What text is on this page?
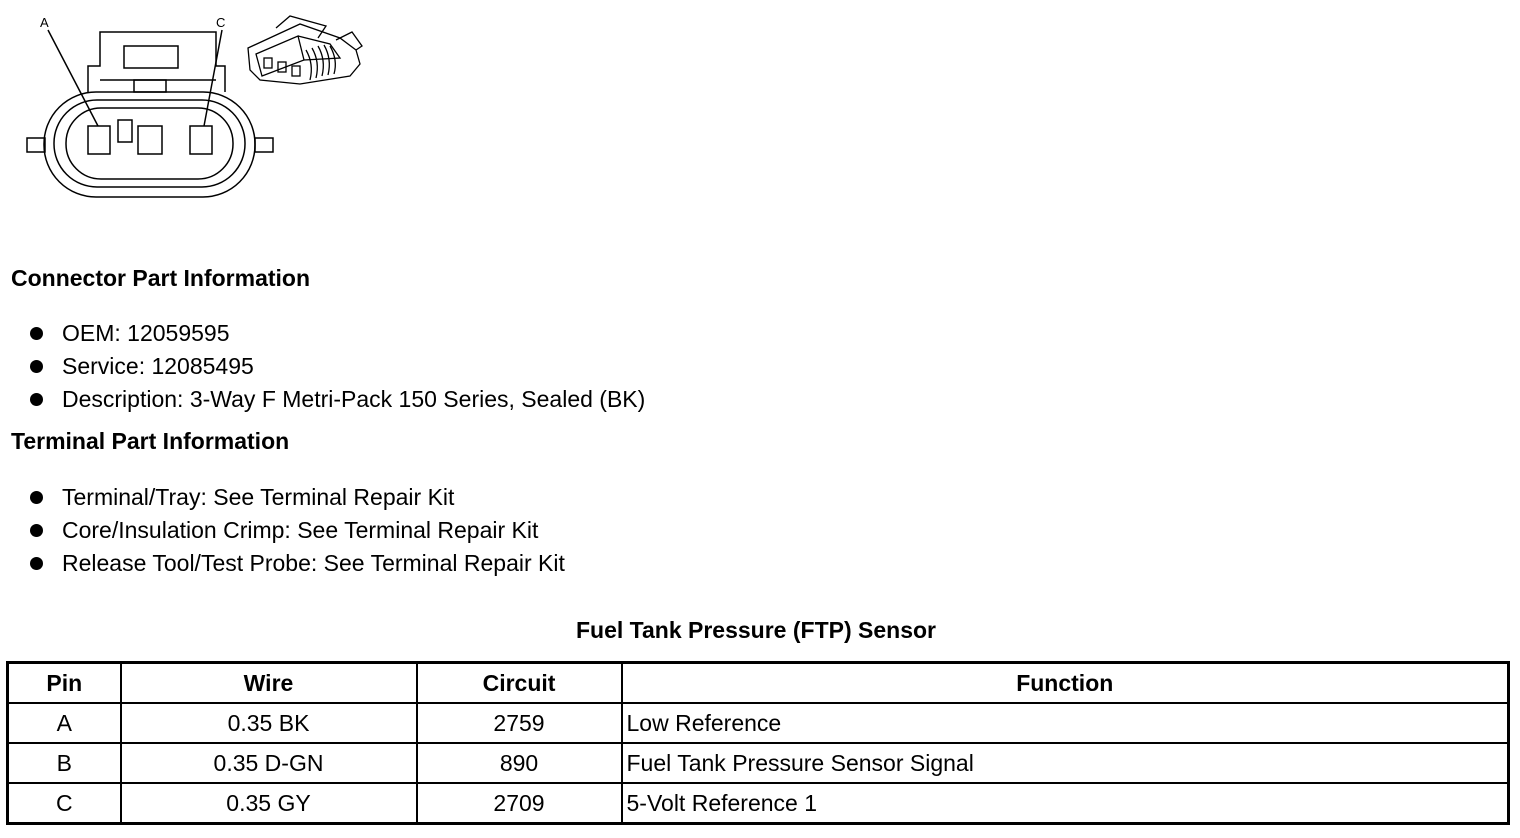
A	C
Connector Part Information
OEM: 12059595
Service: 12085495
Description: 3-Way F Metri-Pack 150 Series, Sealed (BK)
Terminal Part Information
Terminal/Tray: See Terminal Repair Kit
Core/Insulation Crimp: See Terminal Repair Kit
Release Tool/Test Probe: See Terminal Repair Kit
Fuel Tank Pressure (FTP) Sensor
Pin	Wire	Circuit	Function
A	0.35 BK	2759	Low Reference
B	0.35 D-GN	890	Fuel Tank Pressure Sensor Signal
C	0.35 GY	2709	5-Volt Reference 1
